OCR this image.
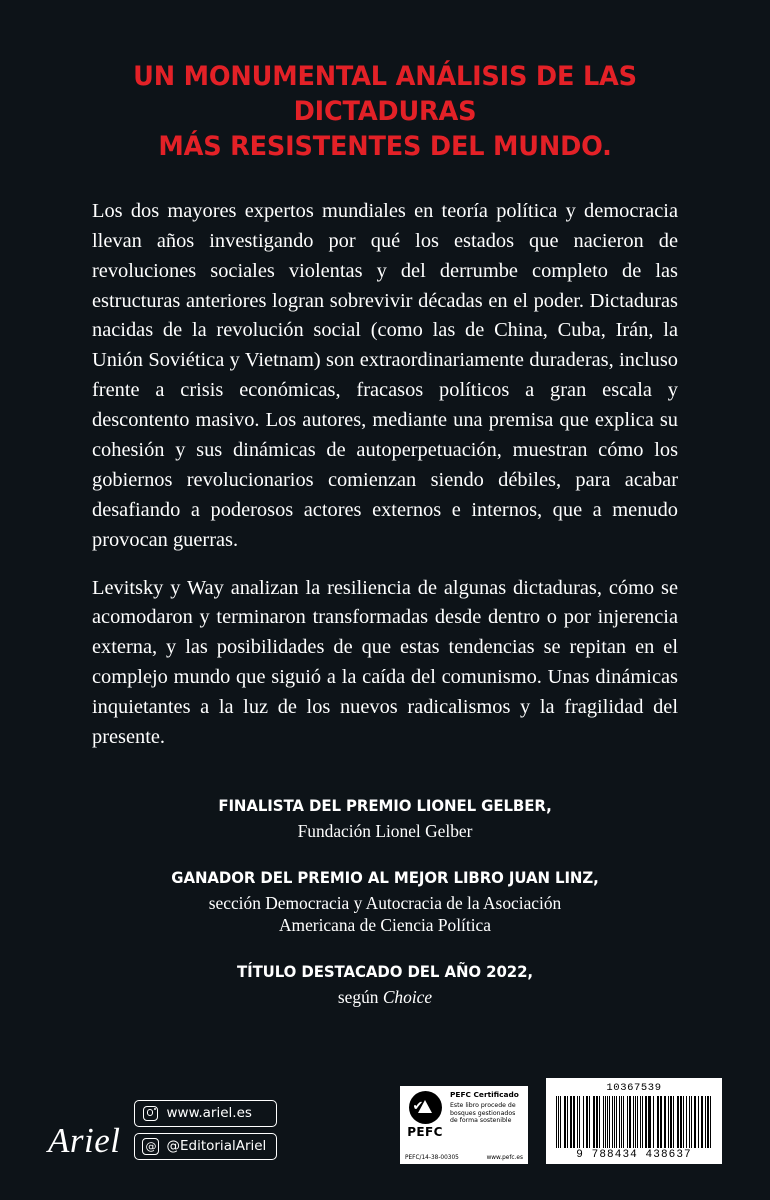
UN MONUMENTAL ANÁLISIS DE LAS DICTADURAS
MÁS RESISTENTES DEL MUNDO.

Los dos mayores expertos mundiales en teoría política y democracia llevan años investigando por qué los estados que nacieron de revoluciones sociales violentas y del derrumbe completo de las estructuras anteriores logran sobrevivir décadas en el poder. Dictaduras nacidas de la revolución social (como las de China, Cuba, Irán, la Unión Soviética y Vietnam) son extraordinariamente duraderas, incluso frente a crisis económicas, fracasos políticos a gran escala y descontento masivo. Los autores, mediante una premisa que explica su cohesión y sus dinámicas de autoperpetuación, muestran cómo los gobiernos revolucionarios comienzan siendo débiles, para acabar desafiando a poderosos actores externos e internos, que a menudo provocan guerras.

Levitsky y Way analizan la resiliencia de algunas dictaduras, cómo se acomodaron y terminaron transformadas desde dentro o por injerencia externa, y las posibilidades de que estas tendencias se repitan en el complejo mundo que siguió a la caída del comunismo. Unas dinámicas inquietantes a la luz de los nuevos radicalismos y la fragilidad del presente.

FINALISTA DEL PREMIO LIONEL GELBER,
Fundación Lionel Gelber
GANADOR DEL PREMIO AL MEJOR LIBRO JUAN LINZ,
sección Democracia y Autocracia de la Asociación
Americana de Ciencia Política
TÍTULO DESTACADO DEL AÑO 2022,
según Choice
Ariel
www.ariel.es
@ @EditorialAriel
✔
PEFC
PEFC Certificado
Este libro procede de bosques gestionados de forma sostenible
PEFC/14-38-00305	www.pefc.es
10367539
9 788434 438637
